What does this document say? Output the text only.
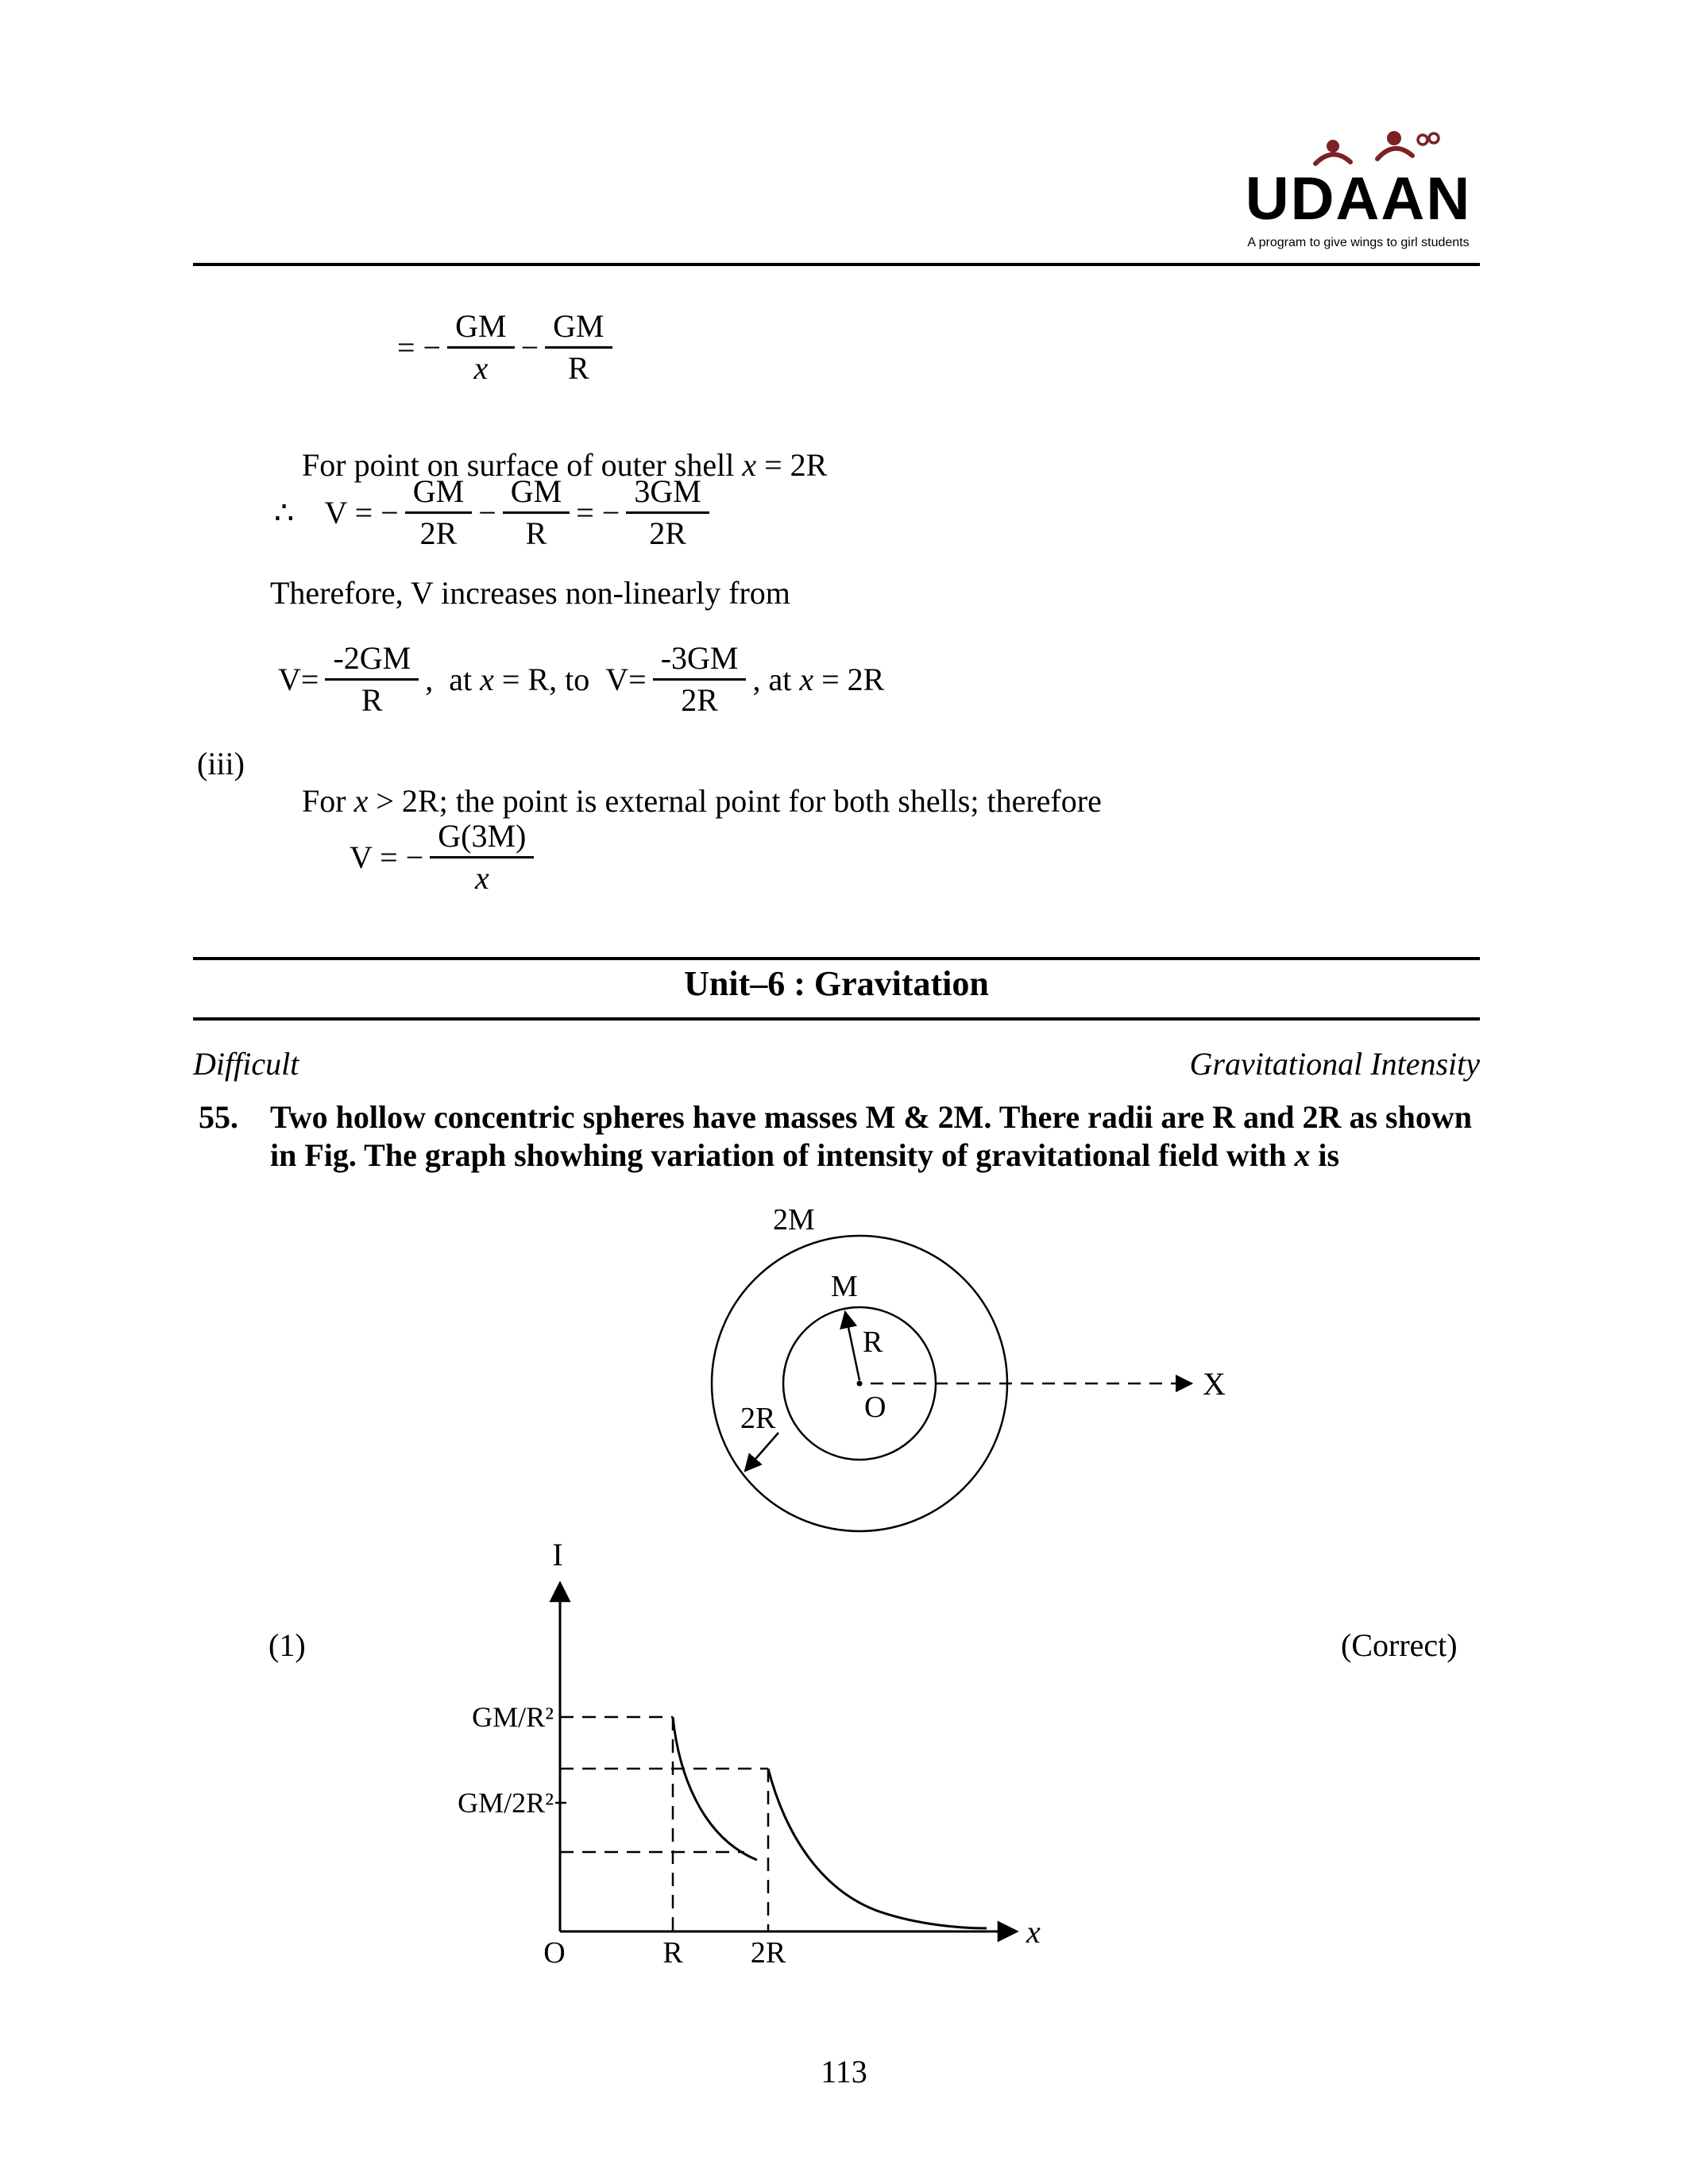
UDAAN
A program to give wings to girl students
= − $\frac{GM}{x} - \frac{GM}{R}$

For point on surface of outer shell x = 2R

∴ V = − $\frac{GM}{2R} - \frac{GM}{R}$ = − $\frac{3GM}{2R}$
Therefore, V increases non-linearly from
$V= \frac{-2GM}{R}$ ,  at x = R, to $V= \frac{-3GM}{2R}$ , at x = 2R
(iii)

For x > 2R; the point is external point for both shells; therefore

V = − $\frac{G(3M)}{x}$
Unit–6 : Gravitation
Difficult	Gravitational Intensity
55. Two hollow concentric spheres have masses M & 2M. There radii are R and 2R as shown in Fig. The graph showhing variation of intensity of gravitational field with x is
2M
M
R
O
2R
X
(1)	(Correct)
I
GM/R²
GM/2R²
O	R 2R
x
113
